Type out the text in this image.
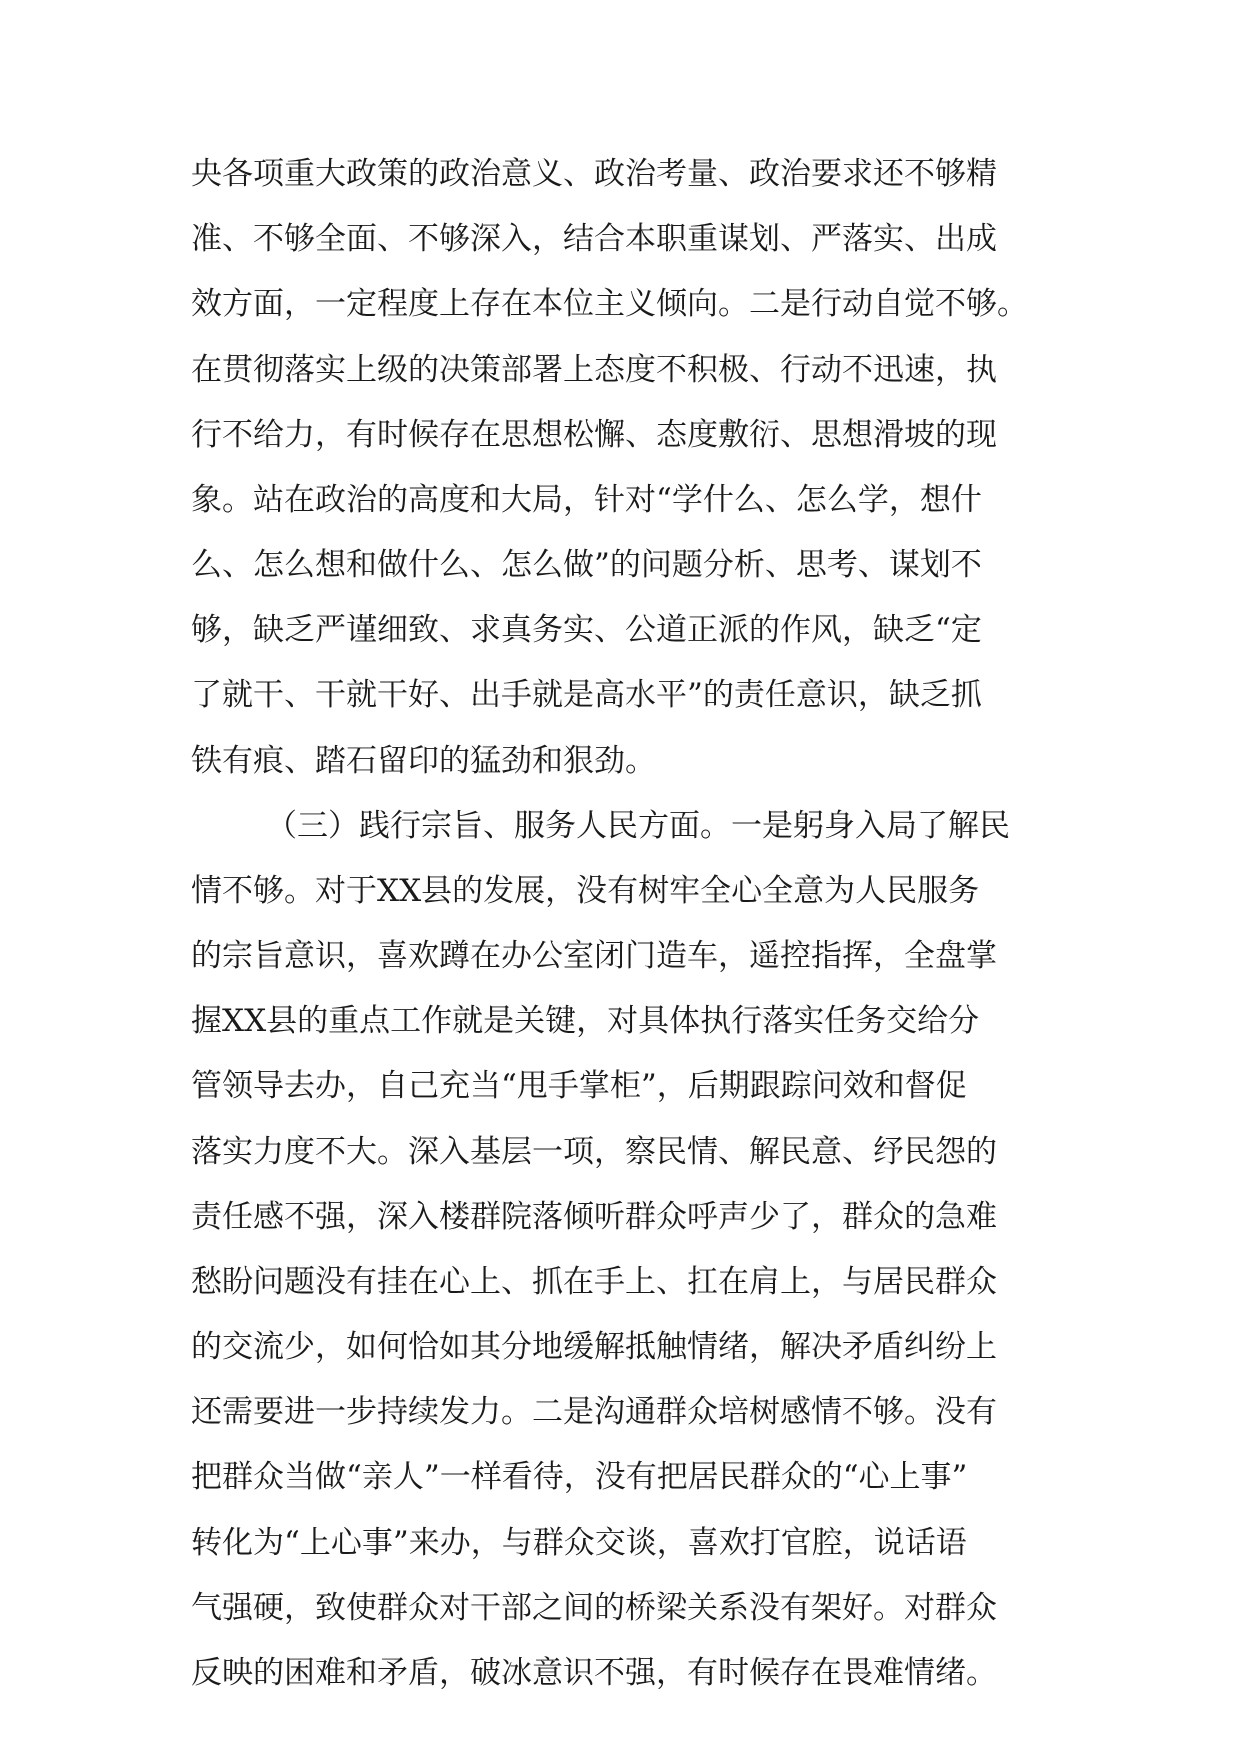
央各项重大政策的政治意义、政治考量、政治要求还不够精
准、不够全面、不够深入，结合本职重谋划、严落实、出成
效方面，一定程度上存在本位主义倾向。二是行动自觉不够。
在贯彻落实上级的决策部署上态度不积极、行动不迅速，执
行不给力，有时候存在思想松懈、态度敷衍、思想滑坡的现
象。站在政治的高度和大局，针对“学什么、怎么学，想什
么、怎么想和做什么、怎么做”的问题分析、思考、谋划不
够，缺乏严谨细致、求真务实、公道正派的作风，缺乏“定
了就干、干就干好、出手就是高水平”的责任意识，缺乏抓
铁有痕、踏石留印的猛劲和狠劲。
（三）践行宗旨、服务人民方面。一是躬身入局了解民
情不够。对于XX县的发展，没有树牢全心全意为人民服务
的宗旨意识，喜欢蹲在办公室闭门造车，遥控指挥，全盘掌
握XX县的重点工作就是关键，对具体执行落实任务交给分
管领导去办，自己充当“甩手掌柜”，后期跟踪问效和督促
落实力度不大。深入基层一项，察民情、解民意、纾民怨的
责任感不强，深入楼群院落倾听群众呼声少了，群众的急难
愁盼问题没有挂在心上、抓在手上、扛在肩上，与居民群众
的交流少，如何恰如其分地缓解抵触情绪，解决矛盾纠纷上
还需要进一步持续发力。二是沟通群众培树感情不够。没有
把群众当做“亲人”一样看待，没有把居民群众的“心上事”
转化为“上心事”来办，与群众交谈，喜欢打官腔，说话语
气强硬，致使群众对干部之间的桥梁关系没有架好。对群众
反映的困难和矛盾，破冰意识不强，有时候存在畏难情绪。
